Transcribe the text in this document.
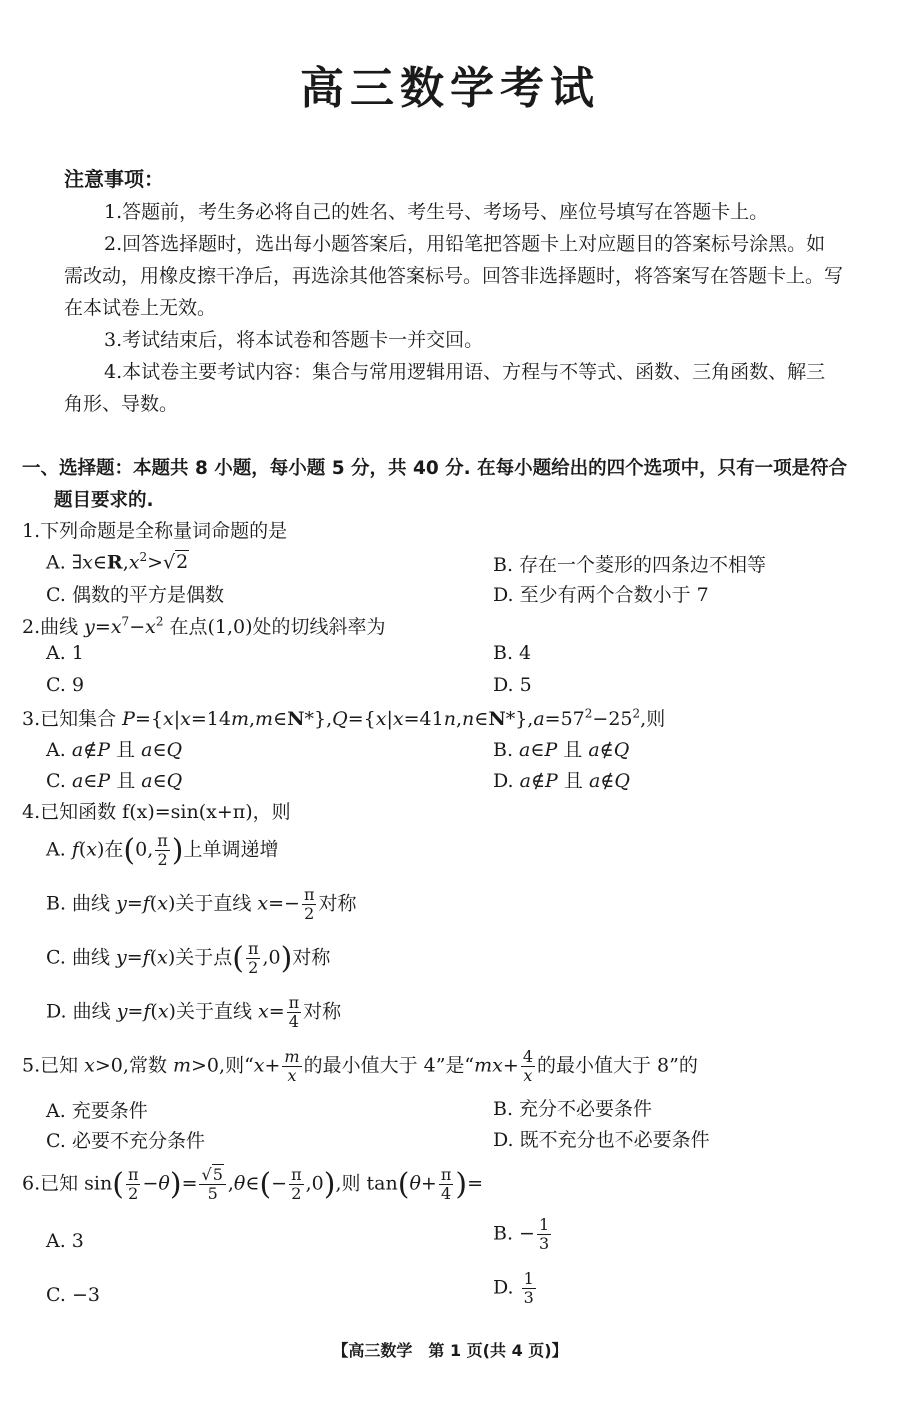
高三数学考试
注意事项：
1.答题前，考生务必将自己的姓名、考生号、考场号、座位号填写在答题卡上。
2.回答选择题时，选出每小题答案后，用铅笔把答题卡上对应题目的答案标号涂黑。如需改动，用橡皮擦干净后，再选涂其他答案标号。回答非选择题时，将答案写在答题卡上。写在本试卷上无效。
3.考试结束后，将本试卷和答题卡一并交回。
4.本试卷主要考试内容：集合与常用逻辑用语、方程与不等式、函数、三角函数、解三角形、导数。
一、选择题：本题共 8 小题，每小题 5 分，共 40 分. 在每小题给出的四个选项中，只有一项是符合
题目要求的.
1.下列命题是全称量词命题的是
A. $\exists x\in R,x^2>√2$	B. 存在一个菱形的四条边不相等
C. 偶数的平方是偶数	D. 至少有两个合数小于 7
2.曲线 $y=x^7-x^2$ 在点(1,0)处的切线斜率为
A. 1	B. 4
C. 9	D. 5
3.已知集合 $P=\{x|x=14m,m\in N*\},Q=\{x|x=41n,n\in N*\},a=57^2-25^2$,则
A. a∉P 且 a∈Q	B. a∈P 且 a∉Q
C. a∈P 且 a∈Q	D. a∉P 且 a∉Q
4.已知函数 f(x)=sin(x+π)，则
A. f(x)在(0, $\frac{\pi}{2}$ )上单调递增
B. 曲线 y=f(x)关于直线 $x=- \frac{\pi}{2}$ 对称
C. 曲线 y=f(x)关于点( $\frac{\pi}{2} ,0$)对称
D. 曲线 y=f(x)关于直线 $x= \frac{\pi}{4}$ 对称
5.已知 x>0,常数 m>0,则“$x+ \frac{m}{x}$ 的最小值大于 4”是“$mx+ \frac{4}{x}$ 的最小值大于 8”的
A. 充要条件	B. 充分不必要条件
C. 必要不充分条件	D. 既不充分也不必要条件
6.已知 $\sin( \frac{\pi}{2} -\theta)= \frac{√5}{5}$ ,θ∈(− $\frac{\pi}{2} ,0$),则 $\tan(\theta+ \frac{\pi}{4}$ )=
A. 3	B. − $\frac{1}{3}$
C. −3	D. $\frac{1}{3}$
【高三数学　第 1 页(共 4 页)】
